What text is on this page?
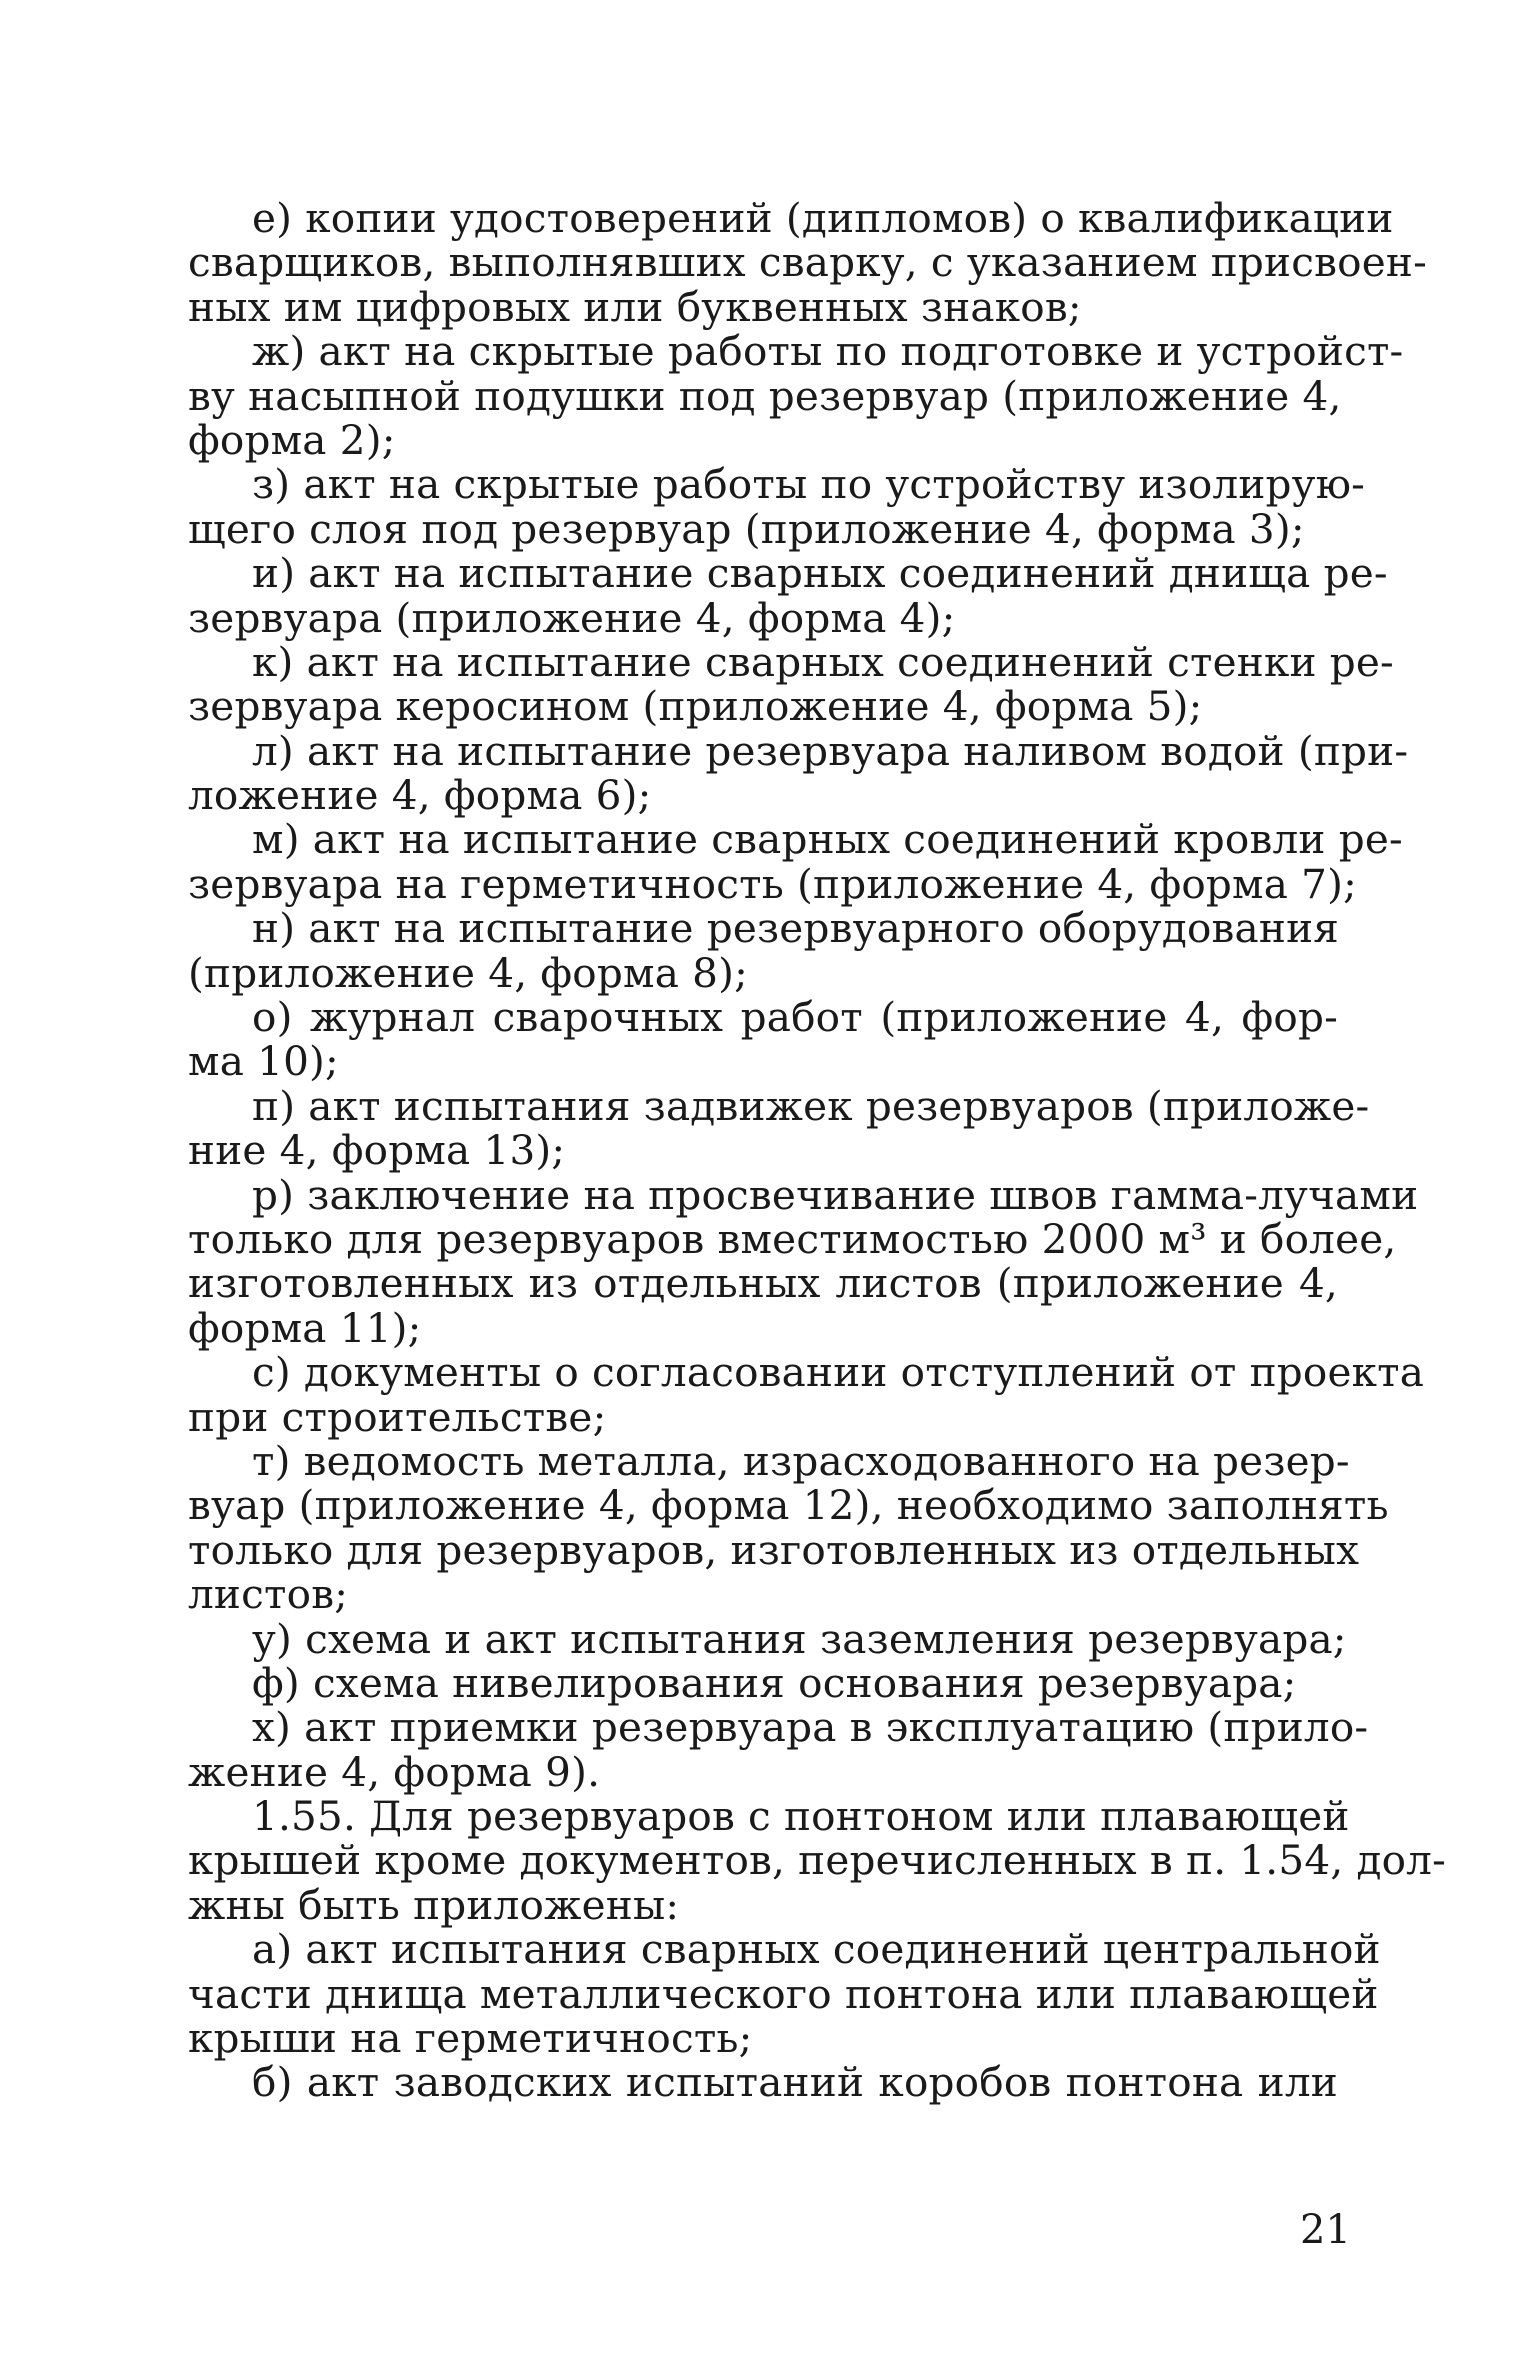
е) копии удостоверений (дипломов) о квалификации
сварщиков, выполнявших сварку, с указанием присвоен-
ных им цифровых или буквенных знаков;
ж) акт на скрытые работы по подготовке и устройст-
ву насыпной подушки под резервуар (приложение 4,
форма 2);
з) акт на скрытые работы по устройству изолирую-
щего слоя под резервуар (приложение 4, форма 3);
и) акт на испытание сварных соединений днища ре-
зервуара (приложение 4, форма 4);
к) акт на испытание сварных соединений стенки ре-
зервуара керосином (приложение 4, форма 5);
л) акт на испытание резервуара наливом водой (при-
ложение 4, форма 6);
м) акт на испытание сварных соединений кровли ре-
зервуара на герметичность (приложение 4, форма 7);
н) акт на испытание резервуарного оборудования
(приложение 4, форма 8);
о) журнал сварочных работ (приложение 4, фор-
ма 10);
п) акт испытания задвижек резервуаров (приложе-
ние 4, форма 13);
р) заключение на просвечивание швов гамма-лучами
только для резервуаров вместимостью 2000 м³ и более,
изготовленных из отдельных листов (приложение 4,
форма 11);
с) документы о согласовании отступлений от проекта
при строительстве;
т) ведомость металла, израсходованного на резер-
вуар (приложение 4, форма 12), необходимо заполнять
только для резервуаров, изготовленных из отдельных
листов;
у) схема и акт испытания заземления резервуара;
ф) схема нивелирования основания резервуара;
х) акт приемки резервуара в эксплуатацию (прило-
жение 4, форма 9).
1.55. Для резервуаров с понтоном или плавающей
крышей кроме документов, перечисленных в п. 1.54, дол-
жны быть приложены:
а) акт испытания сварных соединений центральной
части днища металлического понтона или плавающей
крыши на герметичность;
б) акт заводских испытаний коробов понтона или
21
